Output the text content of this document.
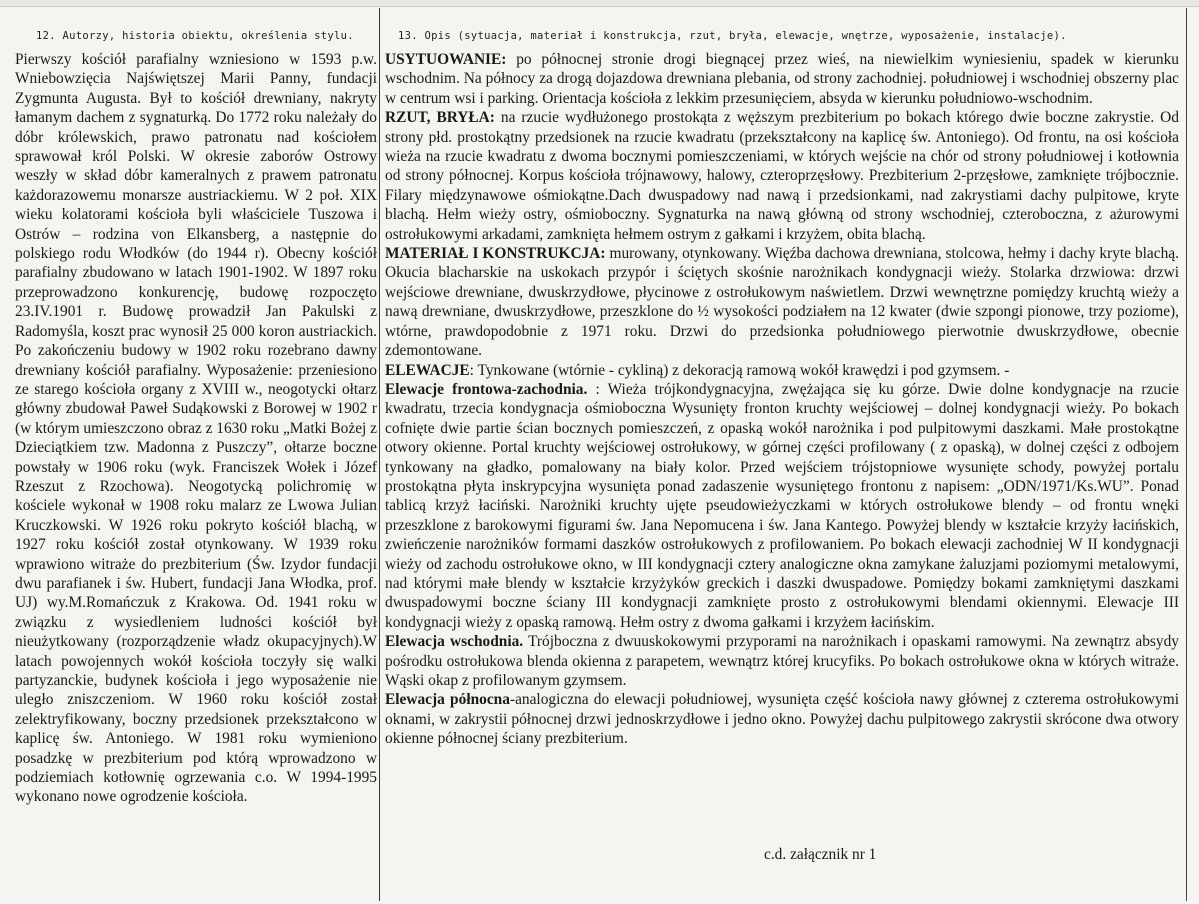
12. Autorzy, historia obiektu, określenia stylu.	13. Opis (sytuacja, materiał i konstrukcja, rzut, bryła, elewacje, wnętrze, wyposażenie, instalacje).

Pierwszy kościół parafialny wzniesiono w 1593 p.w. Wniebowzięcia Najświętszej Marii Panny, fundacji Zygmunta Augusta. Był to kościół drewniany, nakryty łamanym dachem z sygnaturką. Do 1772 roku należały do dóbr królewskich, prawo patronatu nad kościołem sprawował król Polski. W okresie zaborów Ostrowy weszły w skład dóbr kameralnych z prawem patronatu każdorazowemu monarsze austriackiemu. W 2 poł. XIX wieku kolatorami kościoła byli właściciele Tuszowa i Ostrów – rodzina von Elkansberg, a następnie do polskiego rodu Włodków (do 1944 r). Obecny kościół parafialny zbudowano w latach 1901-1902. W 1897 roku przeprowadzono konkurencję, budowę rozpoczęto 23.IV.1901 r. Budowę prowadził Jan Pakulski z Radomyśla, koszt prac wynosił 25 000 koron austriackich. Po zakończeniu budowy w 1902 roku rozebrano dawny drewniany kościół parafialny. Wyposażenie: przeniesiono ze starego kościoła organy z XVIII w., neogotycki ołtarz główny zbudował Paweł Sudąkowski z Borowej w 1902 r (w którym umieszczono obraz z 1630 roku „Matki Bożej z Dzieciątkiem tzw. Madonna z Puszczy”, ołtarze boczne powstały w 1906 roku (wyk. Franciszek Wołek i Józef Rzeszut z Rzochowa). Neogotycką polichromię w kościele wykonał w 1908 roku malarz ze Lwowa Julian Kruczkowski. W 1926 roku pokryto kościół blachą, w 1927 roku kościół został otynkowany. W 1939 roku wprawiono witraże do prezbiterium (Św. Izydor fundacji dwu parafianek i św. Hubert, fundacji Jana Włodka, prof. UJ) wy.M.Romańczuk z Krakowa. Od. 1941 roku w związku z wysiedleniem ludności kościół był nieużytkowany (rozporządzenie władz okupacyjnych).W latach powojennych wokół kościoła toczyły się walki partyzanckie, budynek kościoła i jego wyposażenie nie uległo zniszczeniom. W 1960 roku kościół został zelektryfikowany, boczny przedsionek przekształcono w kaplicę św. Antoniego. W 1981 roku wymieniono posadzkę w prezbiterium pod którą wprowadzono w podziemiach kotłownię ogrzewania c.o. W 1994-1995 wykonano nowe ogrodzenie kościoła.

USYTUOWANIE: po północnej stronie drogi biegnącej przez wieś, na niewielkim wyniesieniu, spadek w kierunku wschodnim. Na północy za drogą dojazdowa drewniana plebania, od strony zachodniej. południowej i wschodniej obszerny plac w centrum wsi i parking. Orientacja kościoła z lekkim przesunięciem, absyda w kierunku południowo-wschodnim.

RZUT, BRYŁA: na rzucie wydłużonego prostokąta z węższym prezbiterium po bokach którego dwie boczne zakrystie. Od strony płd. prostokątny przedsionek na rzucie kwadratu (przekształcony na kaplicę św. Antoniego). Od frontu, na osi kościoła wieża na rzucie kwadratu z dwoma bocznymi pomieszczeniami, w których wejście na chór od strony południowej i kotłownia od strony północnej. Korpus kościoła trójnawowy, halowy, czteroprzęsłowy. Prezbiterium 2-przęsłowe, zamknięte trójbocznie. Filary międzynawowe ośmiokątne.Dach dwuspadowy nad nawą i przedsionkami, nad zakrystiami dachy pulpitowe, kryte blachą. Hełm wieży ostry, ośmioboczny. Sygnaturka na nawą główną od strony wschodniej, czteroboczna, z ażurowymi ostrołukowymi arkadami, zamknięta hełmem ostrym z gałkami i krzyżem, obita blachą.

MATERIAŁ I KONSTRUKCJA: murowany, otynkowany. Więźba dachowa drewniana, stolcowa, hełmy i dachy kryte blachą. Okucia blacharskie na uskokach przypór i ściętych skośnie narożnikach kondygnacji wieży. Stolarka drzwiowa: drzwi wejściowe drewniane, dwuskrzydłowe, płycinowe z ostrołukowym naświetlem. Drzwi wewnętrzne pomiędzy kruchtą wieży a nawą drewniane, dwuskrzydłowe, przeszklone do ½ wysokości podziałem na 12 kwater (dwie szpongi pionowe, trzy poziome), wtórne, prawdopodobnie z 1971 roku. Drzwi do przedsionka południowego pierwotnie dwuskrzydłowe, obecnie zdemontowane.

ELEWACJE: Tynkowane (wtórnie - cykliną) z dekoracją ramową wokół krawędzi i pod gzymsem. -

Elewacje frontowa-zachodnia. : Wieża trójkondygnacyjna, zwężająca się ku górze. Dwie dolne kondygnacje na rzucie kwadratu, trzecia kondygnacja ośmioboczna Wysunięty fronton kruchty wejściowej – dolnej kondygnacji wieży. Po bokach cofnięte dwie partie ścian bocznych pomieszczeń, z opaską wokół narożnika i pod pulpitowymi daszkami. Małe prostokątne otwory okienne. Portal kruchty wejściowej ostrołukowy, w górnej części profilowany ( z opaską), w dolnej części z odbojem tynkowany na gładko, pomalowany na biały kolor. Przed wejściem trójstopniowe wysunięte schody, powyżej portalu prostokątna płyta inskrypcyjna wysunięta ponad zadaszenie wysuniętego frontonu z napisem: „ODN/1971/Ks.WU”. Ponad tablicą krzyż łaciński. Narożniki kruchty ujęte pseudowieżyczkami w których ostrołukowe blendy – od frontu wnęki przeszklone z barokowymi figurami św. Jana Nepomucena i św. Jana Kantego. Powyżej blendy w kształcie krzyży łacińskich, zwieńczenie narożników formami daszków ostrołukowych z profilowaniem. Po bokach elewacji zachodniej W II kondygnacji wieży od zachodu ostrołukowe okno, w III kondygnacji cztery analogiczne okna zamykane żaluzjami poziomymi metalowymi, nad którymi małe blendy w kształcie krzyżyków greckich i daszki dwuspadowe. Pomiędzy bokami zamkniętymi daszkami dwuspadowymi boczne ściany III kondygnacji zamknięte prosto z ostrołukowymi blendami okiennymi. Elewacje III kondygnacji wieży z opaską ramową. Hełm ostry z dwoma gałkami i krzyżem łacińskim.

Elewacja wschodnia. Trójboczna z dwuuskokowymi przyporami na narożnikach i opaskami ramowymi. Na zewnątrz absydy pośrodku ostrołukowa blenda okienna z parapetem, wewnątrz której krucyfiks. Po bokach ostrołukowe okna w których witraże. Wąski okap z profilowanym gzymsem.

Elewacja północna-analogiczna do elewacji południowej, wysunięta część kościoła nawy głównej z czterema ostrołukowymi oknami, w zakrystii północnej drzwi jednoskrzydłowe i jedno okno. Powyżej dachu pulpitowego zakrystii skrócone dwa otwory okienne północnej ściany prezbiterium.

c.d. załącznik nr 1
